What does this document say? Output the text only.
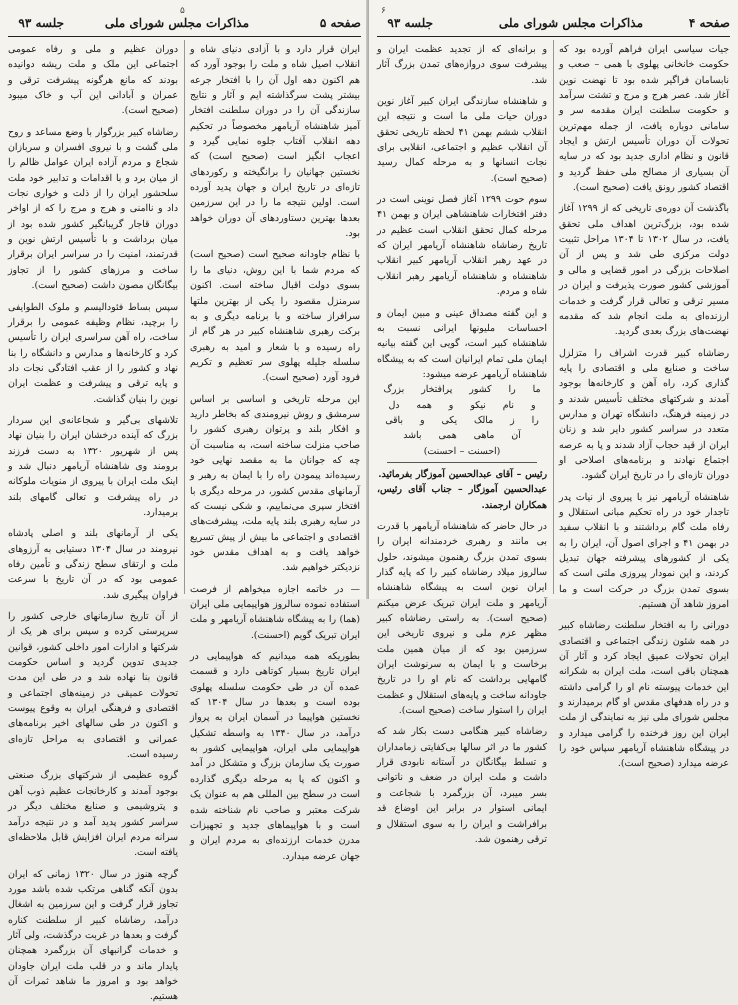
۵
صفحه ۵
مذاکرات مجلس شورای ملی
جلسه ۹۳

دوران عظیم و ملی و رفاه عمومی اجتماعی این ملک و ملت ریشه دوانیده بودند که مانع هرگونه پیشرفت ترقی و عمران و آبادانی این آب و خاک میبود (صحیح است).

رضاشاه کبیر بزرگوار با وضع مساعد و روح ملی گشت و با نیروی افسران و سربازان شجاع و مردم آزاده ایران عوامل ظالم را از میان برد و با اقدامات و تدابیر خود ملت سلحشور ایران را از ذلت و خواری نجات داد و ناامنی و هرج و مرج را که از اواخر دوران قاجار گریبانگیر کشور شده بود از میان برداشت و با تأسیس ارتش نوین و قدرتمند، امنیت را در سراسر ایران برقرار ساخت و مرزهای کشور را از تجاوز بیگانگان مصون داشت (صحیح است).

سپس بساط فئودالیسم و ملوک الطوایفی را برچید، نظام وظیفه عمومی را برقرار ساخت، راه آهن سراسری ایران را تأسیس کرد و کارخانه‌ها و مدارس و دانشگاه را بنا نهاد و کشور را از عقب افتادگی نجات داد و پایه ترقی و پیشرفت و عظمت ایران نوین را بنیان گذاشت.

تلاشهای بی‌گیر و شجاعانه‌ی این سردار بزرگ که آینده درخشان ایران را بنیان نهاد پس از شهریور ۱۳۲۰ به دست فرزند برومند وی شاهنشاه آریامهر دنبال شد و اینک ملت ایران با پیروی از منویات ملوکانه در راه پیشرفت و تعالی گامهای بلند برمیدارد.

یکی از آرمانهای بلند و اصلی پادشاه نیرومند در سال ۱۳۰۴ دستیابی به آرزوهای ملت و ارتقای سطح زندگی و تأمین رفاه عمومی بود که در آن تاریخ با سرعت فراوان پیگیری شد.

از آن تاریخ سازمانهای خارجی کشور را سرپرستی کرده و سپس برای هر یک از شرکتها و ادارات امور داخلی کشور، قوانین جدیدی تدوین گردید و اساس حکومت قانون بنا نهاده شد و در طی این مدت تحولات عمیقی در زمینه‌های اجتماعی و اقتصادی و فرهنگی ایران به وقوع پیوست و اکنون در طی سالهای اخیر برنامه‌های عمرانی و اقتصادی به مراحل تازه‌ای رسیده است.

گروه عظیمی از شرکتهای بزرگ صنعتی بوجود آمدند و کارخانجات عظیم ذوب آهن و پتروشیمی و صنایع مختلف دیگر در سراسر کشور پدید آمد و در نتیجه درآمد سرانه مردم ایران افزایش قابل ملاحظه‌ای یافته است.

گرچه هنوز در سال ۱۳۲۰ زمانی که ایران بدون آنکه گناهی مرتکب شده باشد مورد تجاوز قرار گرفت و این سرزمین به اشغال درآمد، رضاشاه کبیر از سلطنت کناره گرفت و بعدها در غربت درگذشت، ولی آثار و خدمات گرانبهای آن بزرگمرد همچنان پایدار ماند و در قلب ملت ایران جاودان خواهد بود و امروز ما شاهد ثمرات آن هستیم.

ایران قرار دارد و با آزادی دنیای شاه و انقلاب اصیل شاه و ملت را بوجود آورد که هم اکنون دهه اول آن را با افتخار جرعه بیشتر پشت سرگذاشته ایم و آثار و نتایج سازندگی آن را در دوران سلطنت افتخار آمیز شاهنشاه آریامهر مخصوصاً در تحکیم دهه انقلاب آفتاب جلوه نمایی گیرد و اعجاب انگیز است (صحیح است) که نخستین جهانیان را برانگیخته و رکوردهای تازه‌ای در تاریخ ایران و جهان پدید آورده است. اولین نتیجه ما را در این سرزمین بعدها بهترین دستاوردهای آن دوران خواهد بود.

با نظام جاودانه صحیح است (صحیح است) که مردم شما با این روش، دنیای ما را بسوی دولت اقبال ساخته است. اکنون سرمنزل مقصود را یکی از بهترین ملتها سرافراز ساخته و با برنامه دیگری و به برکت رهبری شاهنشاه کبیر در هر گام از راه رسیده و با شعار و امید به رهبری سلسله جلیله پهلوی سر تعظیم و تکریم فرود آورد (صحیح است).

این مرحله تاریخی و اساسی بر اساس سرمشق و روش نیرومندی که بخاطر دارید و افکار بلند و پرتوان رهبری کشور را صاحب منزلت ساخته است، به مناسبت آن چه که جوانان ما به مقصد نهایی خود رسیده‌اند پیمودن راه را با ایمان به رهبر و آرمانهای مقدس کشور، در مرحله دیگری با افتخار سپری می‌نماییم، و شکی نیست که در سایه رهبری بلند پایه ملت، پیشرفت‌های اقتصادی و اجتماعی ما بیش از پیش تسریع خواهد یافت و به اهداف مقدس خود نزدیکتر خواهیم شد.

— در خاتمه اجازه میخواهم از فرصت استفاده نموده سالروز هواپیمایی ملی ایران (هما) را به پیشگاه شاهنشاه آریامهر و ملت ایران تبریک گویم (احسنت).

بطوریکه همه میدانیم که هواپیمایی در ایران تاریخ بسیار کوتاهی دارد و قسمت عمده آن در طی حکومت سلسله پهلوی بوده است و بعدها در سال ۱۳۰۴ که نخستین هواپیما در آسمان ایران به پرواز درآمد، در سال ۱۳۴۰ به واسطه تشکیل هواپیمایی ملی ایران، هواپیمایی کشور به صورت یک سازمان بزرگ و متشکل در آمد و اکنون که پا به مرحله دیگری گذارده است در سطح بین المللی هم به عنوان یک شرکت معتبر و صاحب نام شناخته شده است و با هواپیماهای جدید و تجهیزات مدرن خدمات ارزنده‌ای به مردم ایران و جهان عرضه میدارد.

۶
صفحه ۴
مذاکرات مجلس شورای ملی
جلسه ۹۳

و برانه‌ای که از تجدید عظمت ایران و پیشرفت سوی دروازه‌های تمدن بزرگ آثار شد.

و شاهنشاه سازندگی ایران کبیر آغاز نوین دوران حیات ملی ما است و نتیجه این انقلاب ششم بهمن ۴۱ لحظه تاریخی تحقق آن انقلاب عظیم و اجتماعی، انقلابی برای نجات انسانها و به مرحله کمال رسید (صحیح است).

سوم حوت ۱۲۹۹ آغاز فصل نوینی است در دفتر افتخارات شاهنشاهی ایران و بهمن ۴۱ مرحله کمال تحقق انقلاب است عظیم در تاریخ رضاشاه شاهنشاه آریامهر ایران که در عهد رهبر انقلاب آریامهر کبیر انقلاب شاهنشاه و شاهنشاه آریامهر رهبر انقلاب شاه و مردم.

و این گفته مصداق عینی و مبین ایمان و احساسات ملیونها ایرانی نسبت به شاهنشاه کبیر است، گویی این گفته بیانیه ایمان ملی تمام ایرانیان است که به پیشگاه شاهنشاه آریامهر عرضه میشود:

ما را کشور پرافتخار بزرگ و نام نیکو و همه دل را ز مالک یکی و باقی آن ماهی همی باشد

(احسنت – احسنت)

رئیس – آقای عبدالحسین آموزگار بفرمائید.

عبدالحسین آموزگار – جناب آقای رئیس، همکاران ارجمند.

در حال حاضر که شاهنشاه آریامهر با قدرت بی مانند و رهبری خردمندانه ایران را بسوی تمدن بزرگ رهنمون میشوند، حلول سالروز میلاد رضاشاه کبیر را که پایه گذار ایران نوین است به پیشگاه شاهنشاه آریامهر و ملت ایران تبریک عرض میکنم (صحیح است). به راستی رضاشاه کبیر مظهر عزم ملی و نیروی تاریخی این سرزمین بود که از میان همین ملت برخاست و با ایمان به سرنوشت ایران گامهایی برداشت که نام او را در تاریخ جاودانه ساخت و پایه‌های استقلال و عظمت ایران را استوار ساخت (صحیح است).

رضاشاه کبیر هنگامی دست بکار شد که کشور ما در اثر سالها بی‌کفایتی زمامداران و تسلط بیگانگان در آستانه نابودی قرار داشت و ملت ایران در ضعف و ناتوانی بسر میبرد، آن بزرگمرد با شجاعت و ایمانی استوار در برابر این اوضاع قد برافراشت و ایران را به سوی استقلال و ترقی رهنمون شد.

جیات سیاسی ایران فراهم آورده بود که حکومت خانخانی پهلوی با همی – صعب و نابسامان فراگیر شده بود تا نهضت نوین آغاز شد. عصر هرج و مرج و تشتت سرآمد و حکومت سلطنت ایران مقدمه سر و سامانی دوباره یافت، از جمله مهم‌ترین تحولات آن دوران تأسیس ارتش و ایجاد قانون و نظام اداری جدید بود که در سایه آن بسیاری از مصالح ملی حفظ گردید و اقتصاد کشور رونق یافت (صحیح است).

باگذشت آن دوره‌ی تاریخی که از ۱۲۹۹ آغاز شده بود، بزرگ‌ترین اهداف ملی تحقق یافت، در سال ۱۳۰۲ تا ۱۳۰۴ مراحل تثبیت دولت مرکزی طی شد و پس از آن اصلاحات بزرگی در امور قضایی و مالی و آموزشی کشور صورت پذیرفت و ایران در مسیر ترقی و تعالی قرار گرفت و خدمات ارزنده‌ای به ملت انجام شد که مقدمه نهضت‌های بزرگ بعدی گردید.

رضاشاه کبیر قدرت اشراف را متزلزل ساخت و صنایع ملی و اقتصادی را پایه گذاری کرد، راه آهن و کارخانه‌ها بوجود آمدند و شرکتهای مختلف تأسیس شدند و در زمینه فرهنگ، دانشگاه تهران و مدارس متعدد در سراسر کشور دایر شد و زنان ایران از قید حجاب آزاد شدند و پا به عرصه اجتماع نهادند و برنامه‌های اصلاحی او دوران تازه‌ای را در تاریخ ایران گشود.

شاهنشاه آریامهر نیز با پیروی از نیات پدر تاجدار خود در راه تحکیم مبانی استقلال و رفاه ملت گام برداشتند و با انقلاب سفید در بهمن ۴۱ و اجرای اصول آن، ایران را به یکی از کشورهای پیشرفته جهان تبدیل کردند، و این نمودار پیروزی ملتی است که بسوی تمدن بزرگ در حرکت است و ما امروز شاهد آن هستیم.

دورانی را به افتخار سلطنت رضاشاه کبیر در همه شئون زندگی اجتماعی و اقتصادی ایران تحولات عمیق ایجاد کرد و آثار آن همچنان باقی است، ملت ایران به شکرانه این خدمات پیوسته نام او را گرامی داشته و در راه هدفهای مقدس او گام برمیدارند و مجلس شورای ملی نیز به نمایندگی از ملت ایران این روز فرخنده را گرامی میدارد و در پیشگاه شاهنشاه آریامهر سپاس خود را عرضه میدارد (صحیح است).
